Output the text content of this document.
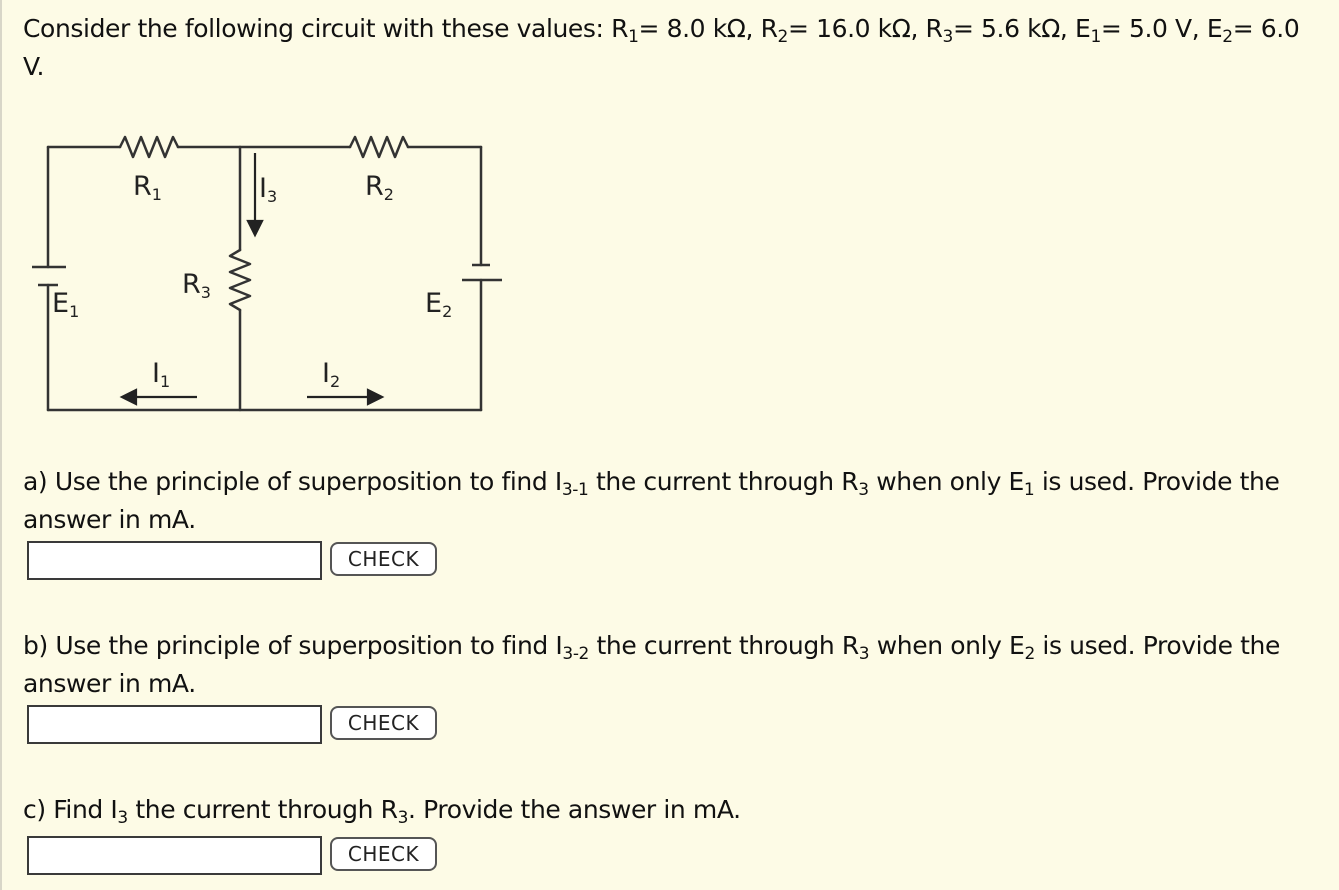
Consider the following circuit with these values: $R_1= 8.0$ kΩ, $R_2= 16.0$ kΩ, $R_3= 5.6$ kΩ, $E_1= 5.0$ V, $E_2= 6.0$ V.
R1	R2
R3
E1	E2
I3
I1	I2
a) Use the principle of superposition to find $I_{3-1}$ the current through $R_3$ when only $E_1$ is used. Provide the answer in mA.
CHECK
b) Use the principle of superposition to find $I_{3-2}$ the current through $R_3$ when only $E_2$ is used. Provide the answer in mA.
CHECK
c) Find $I_3$ the current through $R_3$. Provide the answer in mA.
CHECK
